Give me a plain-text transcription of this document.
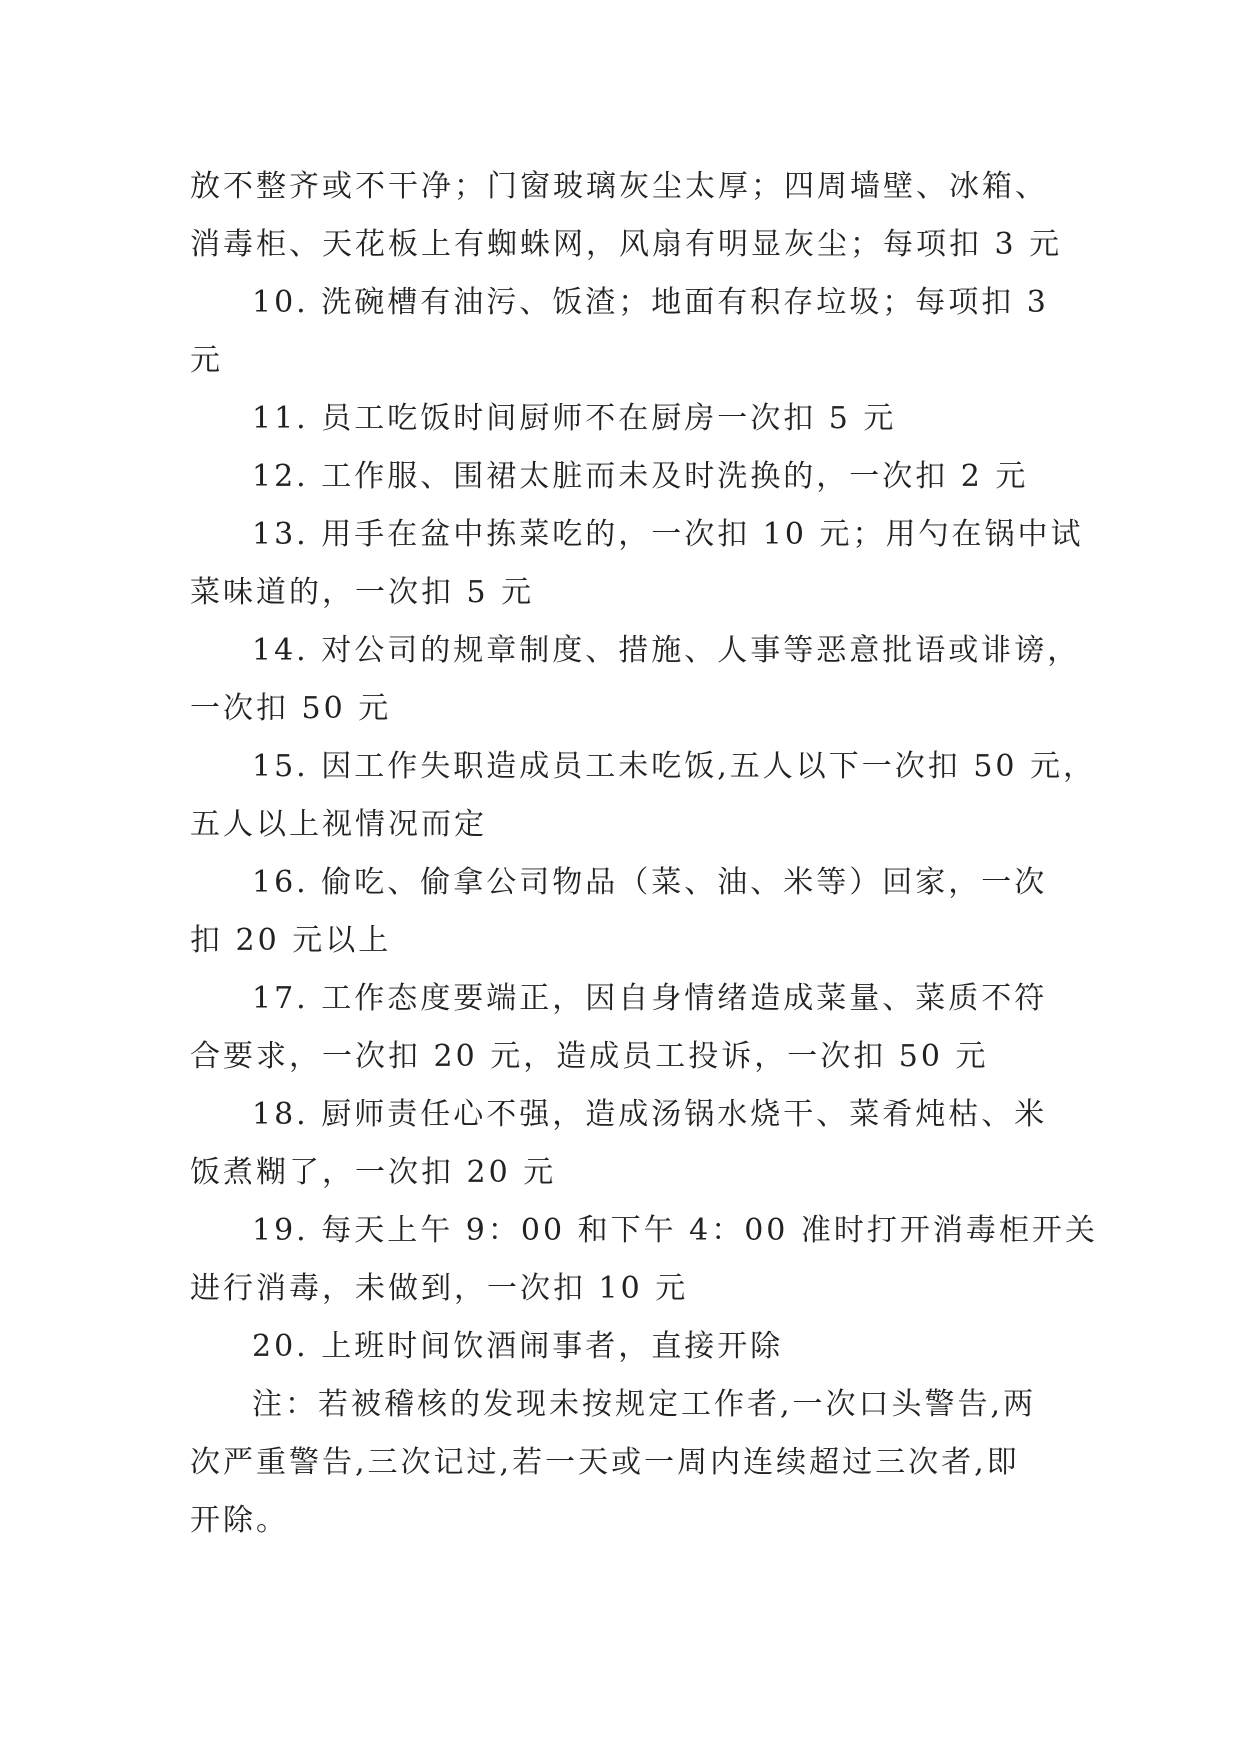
放不整齐或不干净；门窗玻璃灰尘太厚；四周墙壁、冰箱、
消毒柜、天花板上有蜘蛛网，风扇有明显灰尘；每项扣 3 元
10. 洗碗槽有油污、饭渣；地面有积存垃圾；每项扣 3
元
11. 员工吃饭时间厨师不在厨房一次扣 5 元
12. 工作服、围裙太脏而未及时洗换的，一次扣 2 元
13. 用手在盆中拣菜吃的，一次扣 10 元；用勺在锅中试
菜味道的，一次扣 5 元
14. 对公司的规章制度、措施、人事等恶意批语或诽谤，
一次扣 50 元
15. 因工作失职造成员工未吃饭,五人以下一次扣 50 元，
五人以上视情况而定
16. 偷吃、偷拿公司物品（菜、油、米等）回家，一次
扣 20 元以上
17. 工作态度要端正，因自身情绪造成菜量、菜质不符
合要求，一次扣 20 元，造成员工投诉，一次扣 50 元
18. 厨师责任心不强，造成汤锅水烧干、菜肴炖枯、米
饭煮糊了，一次扣 20 元
19. 每天上午 9：00 和下午 4：00 准时打开消毒柜开关
进行消毒，未做到，一次扣 10 元
20. 上班时间饮酒闹事者，直接开除
注：若被稽核的发现未按规定工作者,一次口头警告,两
次严重警告,三次记过,若一天或一周内连续超过三次者,即
开除。
